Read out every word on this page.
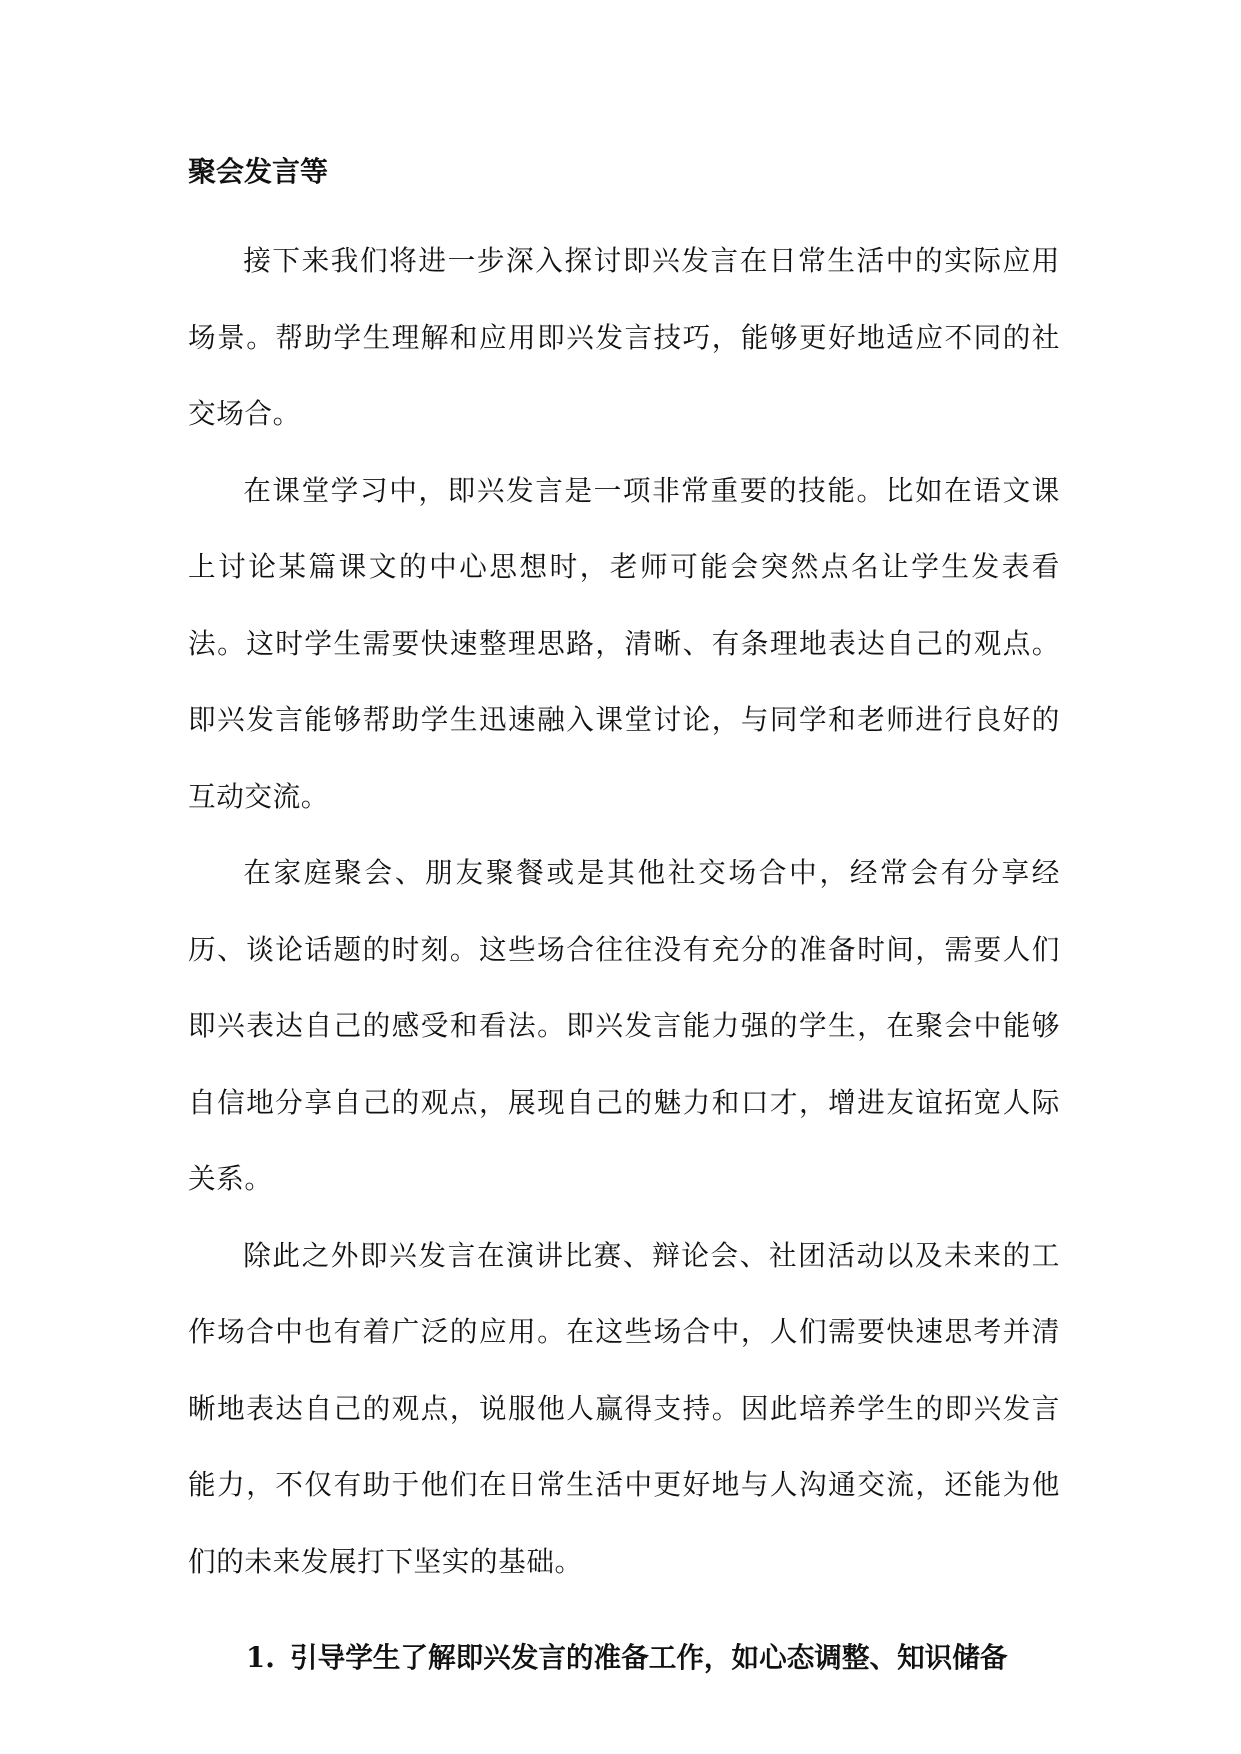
聚会发言等

接下来我们将进一步深入探讨即兴发言在日常生活中的实际应用场景。帮助学生理解和应用即兴发言技巧，能够更好地适应不同的社交场合。

在课堂学习中，即兴发言是一项非常重要的技能。比如在语文课上讨论某篇课文的中心思想时，老师可能会突然点名让学生发表看法。这时学生需要快速整理思路，清晰、有条理地表达自己的观点。即兴发言能够帮助学生迅速融入课堂讨论，与同学和老师进行良好的互动交流。

在家庭聚会、朋友聚餐或是其他社交场合中，经常会有分享经历、谈论话题的时刻。这些场合往往没有充分的准备时间，需要人们即兴表达自己的感受和看法。即兴发言能力强的学生，在聚会中能够自信地分享自己的观点，展现自己的魅力和口才，增进友谊拓宽人际关系。

除此之外即兴发言在演讲比赛、辩论会、社团活动以及未来的工作场合中也有着广泛的应用。在这些场合中，人们需要快速思考并清晰地表达自己的观点，说服他人赢得支持。因此培养学生的即兴发言能力，不仅有助于他们在日常生活中更好地与人沟通交流，还能为他们的未来发展打下坚实的基础。

1. 引导学生了解即兴发言的准备工作，如心态调整、知识储备
